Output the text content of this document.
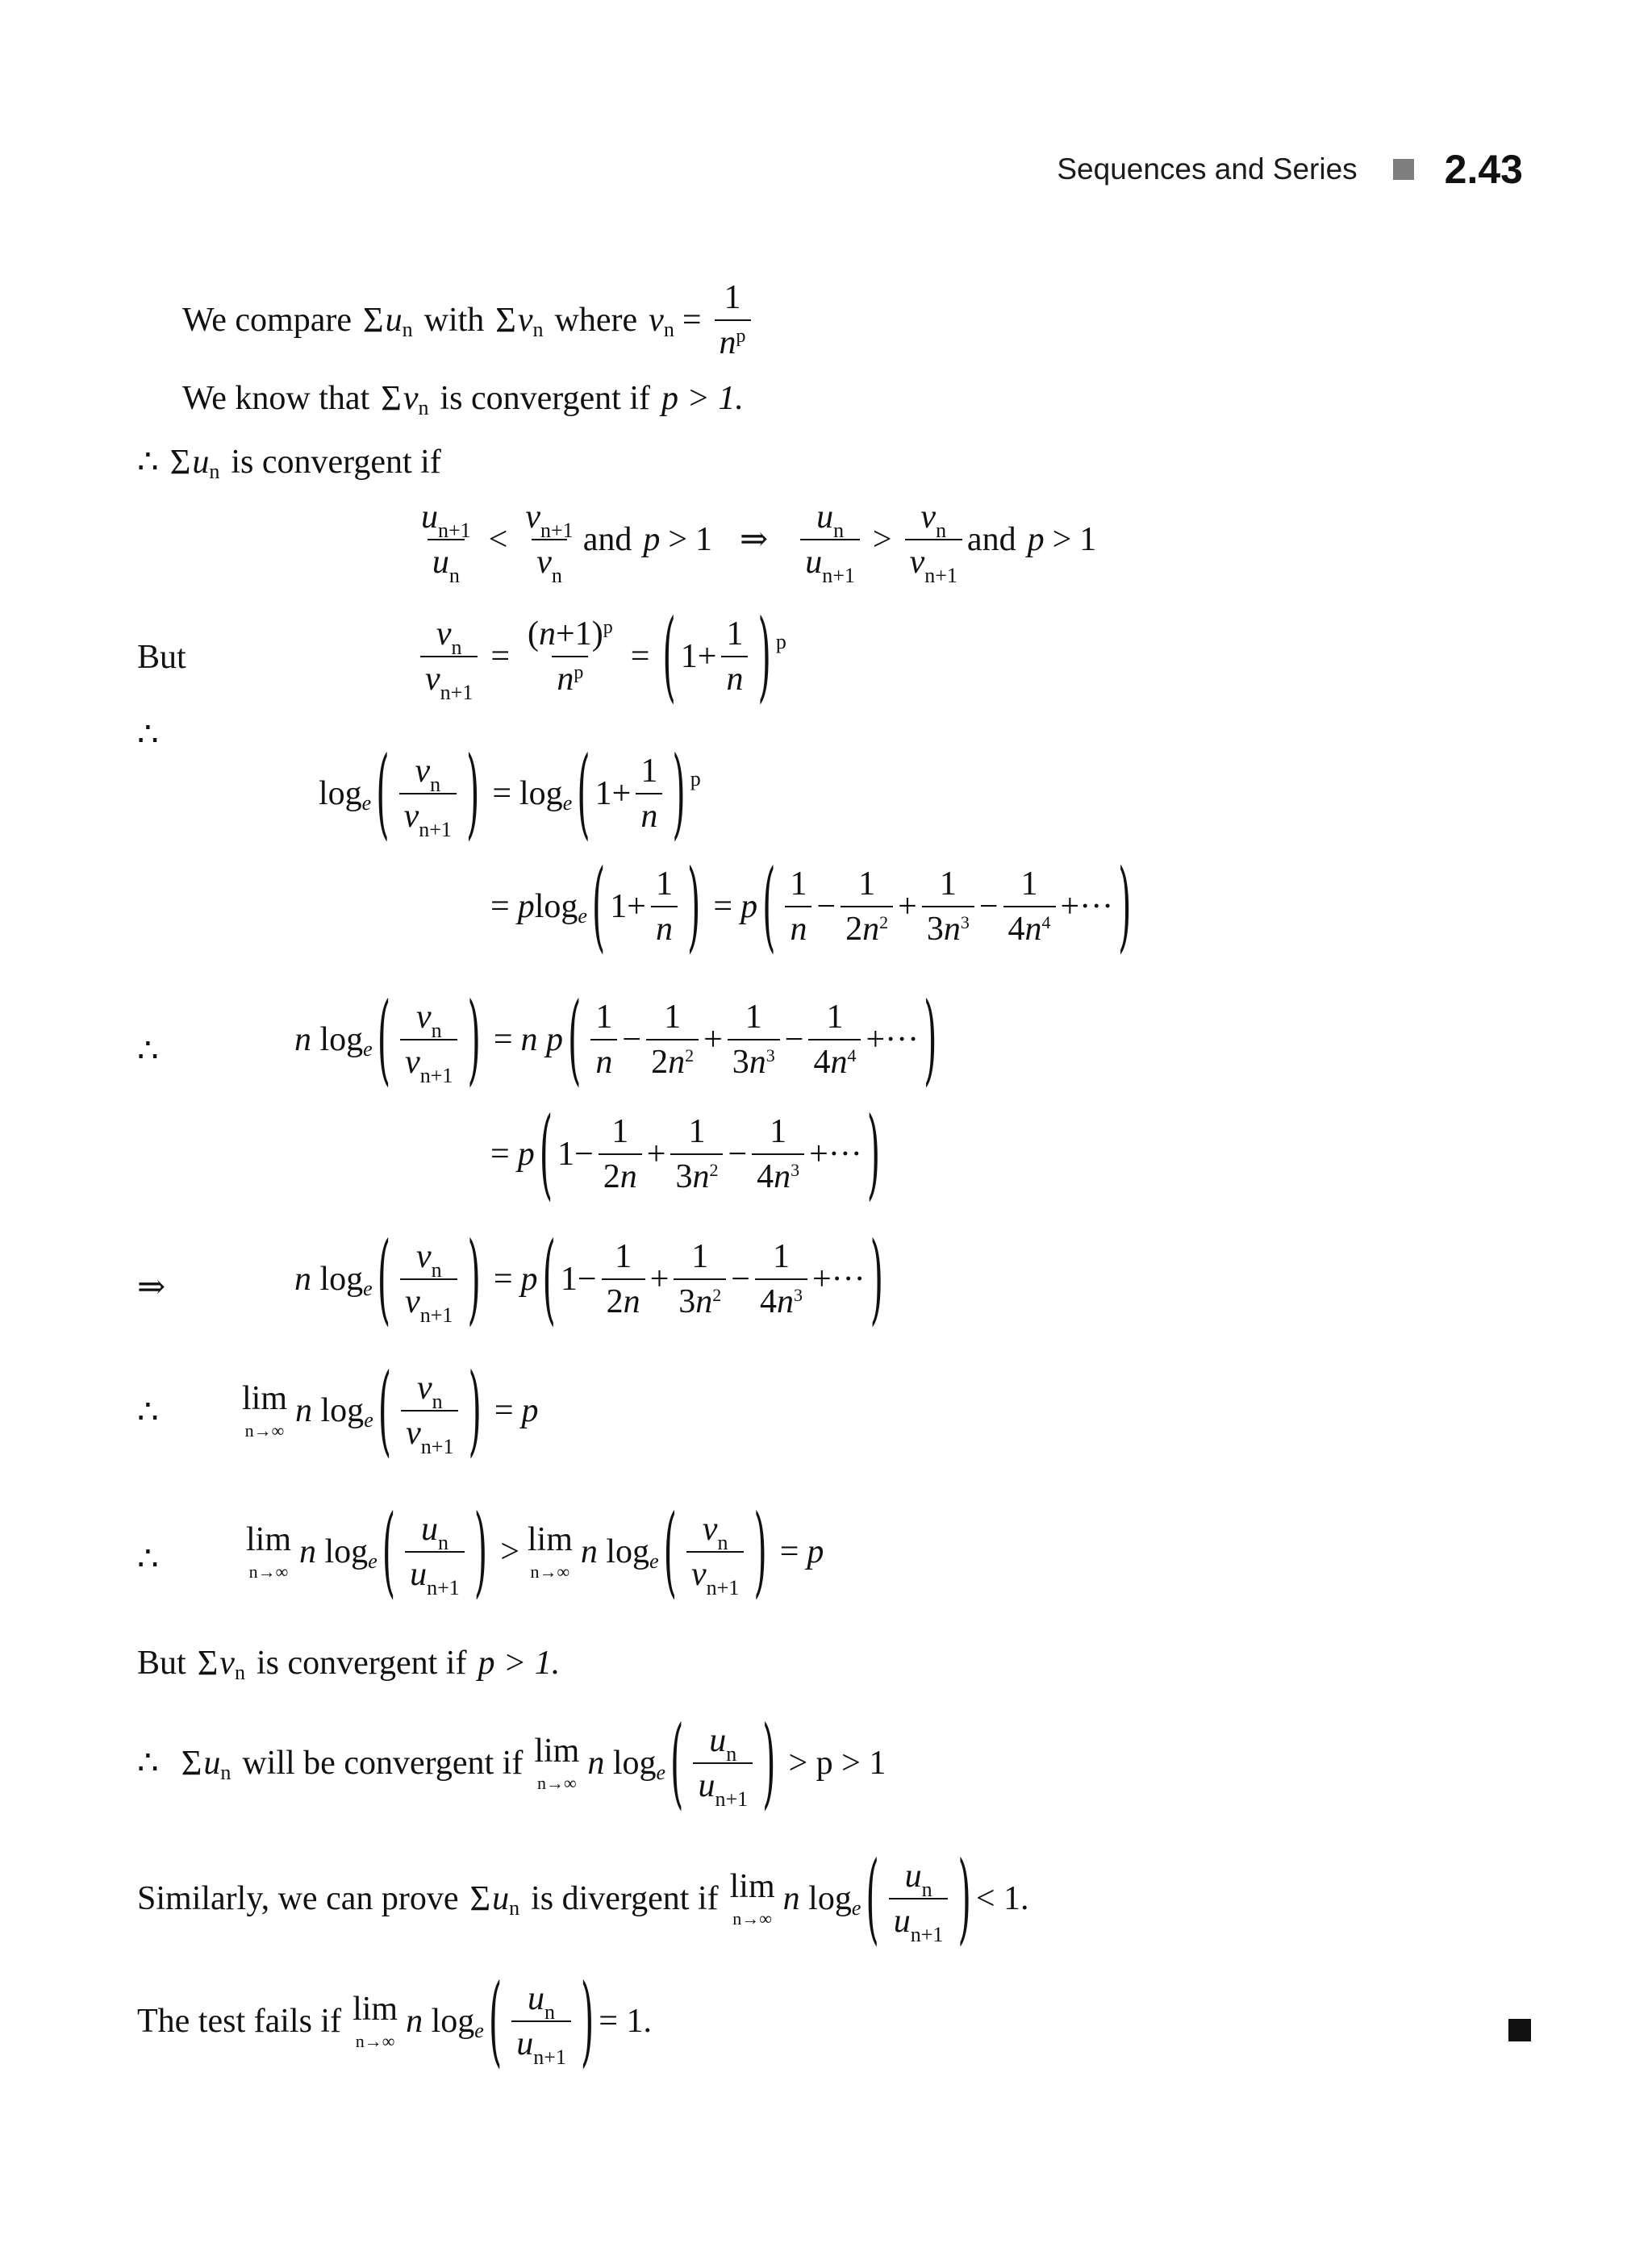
Sequences and Series 2.43
We compare Σ u n with Σ v n where v $n = \frac{1}{n^p}$
We know that Σ v n is convergent if p > 1.
∴ Σ u n is convergent if
$\frac{u_{n+1}}{u_n} < \frac{v_{n+1}}{v_n}$ and p > 1 ⇒ $\frac{u_n}{u_{n+1}} > \frac{v_n}{v_{n+1}}$ and p > 1
But	$\frac{v_n}{v_{n+1}} = \frac{(n+1)^p}{n^p}$ = ( $1+ \frac{1}{n}$ ) p
∴
log e ( $\frac{v_n}{v_{n+1}}$ ) = log e ( $1+ \frac{1}{n}$ ) p
= p log e ( $1+ \frac{1}{n}$ ) = p ( $\frac{1}{n} - \frac{1}{2n^2} + \frac{1}{3n^3} - \frac{1}{4n^4}$ +··· )
∴	n log e ( $\frac{v_n}{v_{n+1}}$ ) = n
p ( $\frac{1}{n} - \frac{1}{2n^2} + \frac{1}{3n^3} - \frac{1}{4n^4}$ +··· )
= p ( $1- \frac{1}{2n} + \frac{1}{3n^2} - \frac{1}{4n^3}$ +··· )
⇒	n log e ( $\frac{v_n}{v_{n+1}}$ ) = p ( $1- \frac{1}{2n} + \frac{1}{3n^2} - \frac{1}{4n^3}$ +··· )
∴ lim
n→∞
n log e ( $\frac{v_n}{v_{n+1}}$ ) = p
∴
lim
n→∞
n log e ( $\frac{u_n}{u_{n+1}}$ ) > lim
n→∞
n log e ( $\frac{v_n}{v_{n+1}}$ ) = p
But Σ v n is convergent if p > 1.
∴ Σ u n will be convergent if lim
n→∞
n log e ( $\frac{u_n}{u_{n+1}}$ ) > p > 1
Similarly, we can prove Σ u n is divergent if lim
n→∞
n log e ( $\frac{u_n}{u_{n+1}}$ ) < 1.
The test fails if lim
n→∞
n log e ( $\frac{u_n}{u_{n+1}}$ ) = 1.
